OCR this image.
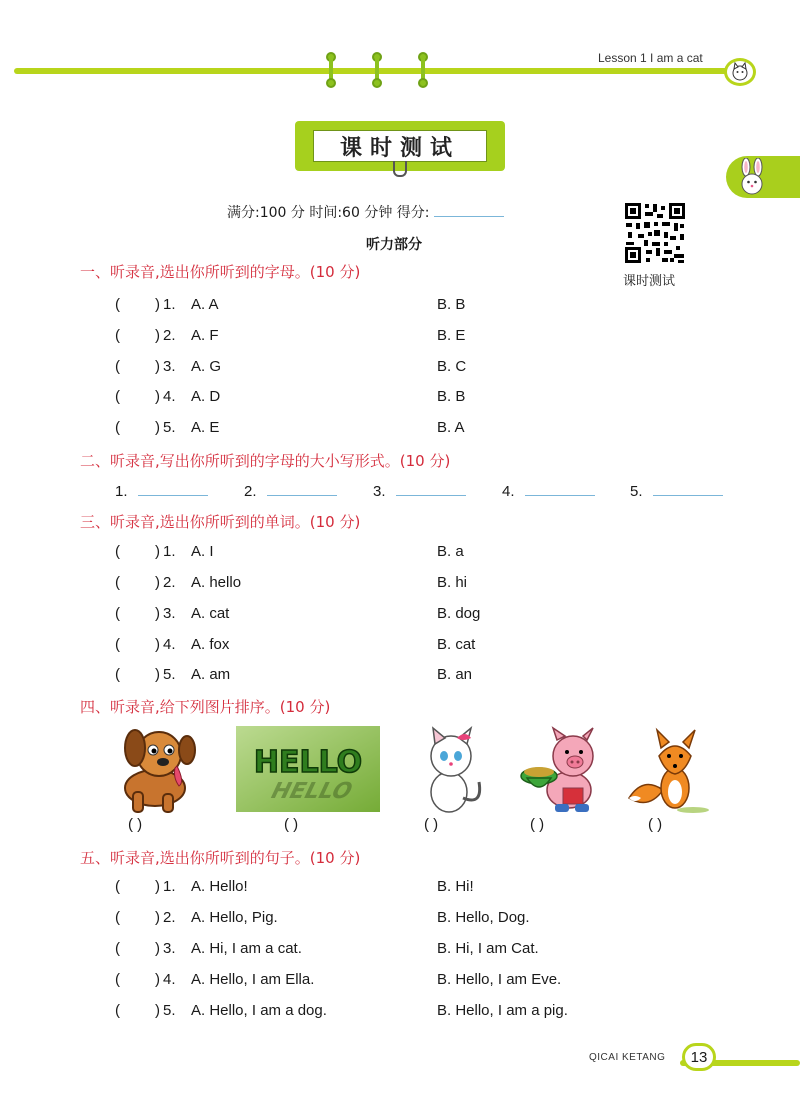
Lesson 1 I am a cat
课时测试
满分:100 分 时间:60 分钟 得分:
听力部分
课时测试
一、听录音,选出你所听到的字母。(10 分)
( ) 1. A. A	B. B
( ) 2. A. F	B. E
( ) 3. A. G	B. C
( ) 4. A. D	B. B
( ) 5. A. E	B. A
二、听录音,写出你所听到的字母的大小写形式。(10 分)
1.	2.	3.	4.	5.
三、听录音,选出你所听到的单词。(10 分)
( ) 1. A. I	B. a
( ) 2. A. hello	B. hi
( ) 3. A. cat	B. dog
( ) 4. A. fox	B. cat
( ) 5. A. am	B. an
四、听录音,给下列图片排序。(10 分)
HELLO
HELLO
( )	( )	( )	( )	( )
五、听录音,选出你所听到的句子。(10 分)
( ) 1. A. Hello!	B. Hi!
( ) 2. A. Hello, Pig.	B. Hello, Dog.
( ) 3. A. Hi, I am a cat.	B. Hi, I am Cat.
( ) 4. A. Hello, I am Ella.	B. Hello, I am Eve.
( ) 5. A. Hello, I am a dog.	B. Hello, I am a pig.
QICAI KETANG	13
